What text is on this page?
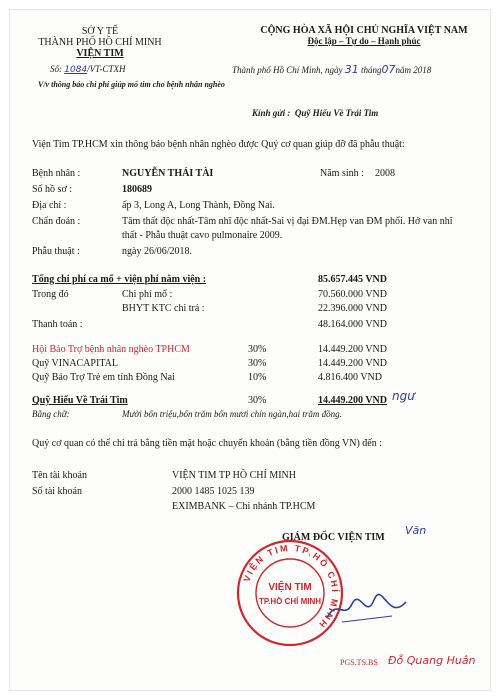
SỞ Y TẾ
THÀNH PHỐ HỒ CHÍ MINH
VIỆN TIM
Số: 1084/VT-CTXH
V/v thông báo chi phí giúp mổ tim cho bệnh nhân nghèo
CỘNG HÒA XÃ HỘI CHỦ NGHĨA VIỆT NAM
Độc lập – Tự do – Hạnh phúc
Thành phố Hồ Chí Minh, ngày 31 tháng07năm 2018
Kính gửi : Quỹ Hiểu Về Trái Tim
Viện Tim TP.HCM xin thông báo bệnh nhân nghèo được Quý cơ quan giúp đỡ đã phẫu thuật:
Bệnh nhân :	NGUYỄN THÁI TÀI	Năm sinh : 2008
Số hồ sơ :	180689
Địa chỉ :	ấp 3, Long A, Long Thành, Đồng Nai.
Chẩn đoán :	Tâm thất độc nhất-Tâm nhĩ độc nhất-Sai vị đại ĐM.Hẹp van ĐM phổi. Hở van nhĩ
thất - Phẫu thuật cavo pulmonaire 2009.
Phẫu thuật :	ngày 26/06/2018.
Tổng chi phí ca mổ + viện phí nằm viện :	85.657.445 VND
Trong đó	Chi phí mổ :	70.560.000 VND
BHYT KTC chi trả :	22.396.000 VND
Thanh toán :	48.164.000 VND
Hội Bảo Trợ bệnh nhân nghèo TPHCM	30%	14.449.200 VND
Quỹ VINACAPITAL	30%	14.449.200 VND
Quỹ Bảo Trợ Trẻ em tỉnh Đồng Nai	10%	4.816.400 VND
Quỹ Hiểu Về Trái Tim	30%	14.449.200 VND ngư
Bằng chữ:	Mười bốn triệu,bốn trăm bốn mươi chín ngàn,hai trăm đồng.
Quý cơ quan có thể chi trả bằng tiền mặt hoặc chuyển khoản (bằng tiền đồng VN) đến :
Tên tài khoản	VIỆN TIM TP HỒ CHÍ MINH
Số tài khoản	2000 1485 1025 139
EXIMBANK – Chi nhánh TP.HCM
GIÁM ĐỐC VIỆN TIM
Văn
VIỆN TIM TP.HỒ CHÍ MINH
VIỆN TIM
TP.HỒ CHÍ MINH
PGS.TS.BS Đỗ Quang Huân
